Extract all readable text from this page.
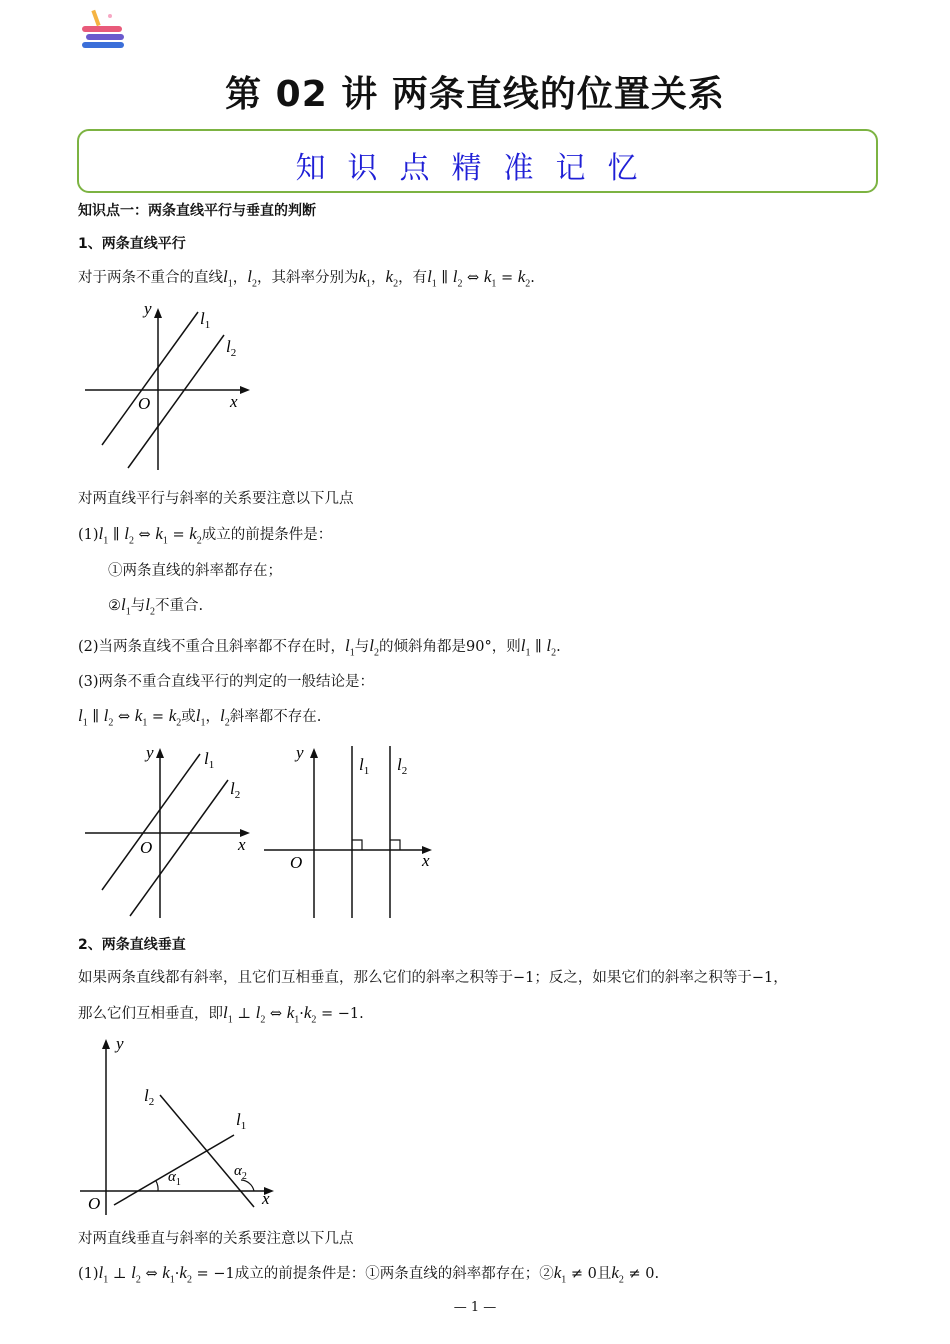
第 02 讲 两条直线的位置关系
知识点精准记忆
知识点一：两条直线平行与垂直的判断
1、两条直线平行
对于两条不重合的直线$l_1$，$l_2$，其斜率分别为$k_1$，$k_2$，有$l_1$ ∥ $l_2$ ⇔ $k_1 = k_2$.
y
x
O
$l_1$
$l_2$
对两直线平行与斜率的关系要注意以下几点
$(1)l_1$ ∥ $l_2$ ⇔ $k_1 = k_2$成立的前提条件是：
①两条直线的斜率都存在；
$②l_1$与$l_2$不重合.
(2)当两条直线不重合且斜率都不存在时，$l_1$与$l_2$的倾斜角都是90°，则$l_1$ ∥ $l_2$.
(3)两条不重合直线平行的判定的一般结论是：
$l_1$ ∥ $l_2$ ⇔ $k_1 = k_2$或$l_1$，$l_2$斜率都不存在.
y
x
O
$l_1$
$l_2$
y
x
O
$l_1$ $l_2$
2、两条直线垂直
如果两条直线都有斜率，且它们互相垂直，那么它们的斜率之积等于−1；反之，如果它们的斜率之积等于−1，
那么它们互相垂直，即$l_1$ ⊥ $l_2$ ⇔ $k_1\cdot k_2 = -1$.
y
x
O
$l_2$
$l_1$
$\alpha_1$
$\alpha_2$
对两直线垂直与斜率的关系要注意以下几点
$(1)l_1$ ⊥ $l_2$ ⇔ $k_1\cdot k_2 = -1$成立的前提条件是：①两条直线的斜率都存在；$②k_1 \ne 0$且$k_2 \ne 0$.
— 1 —
